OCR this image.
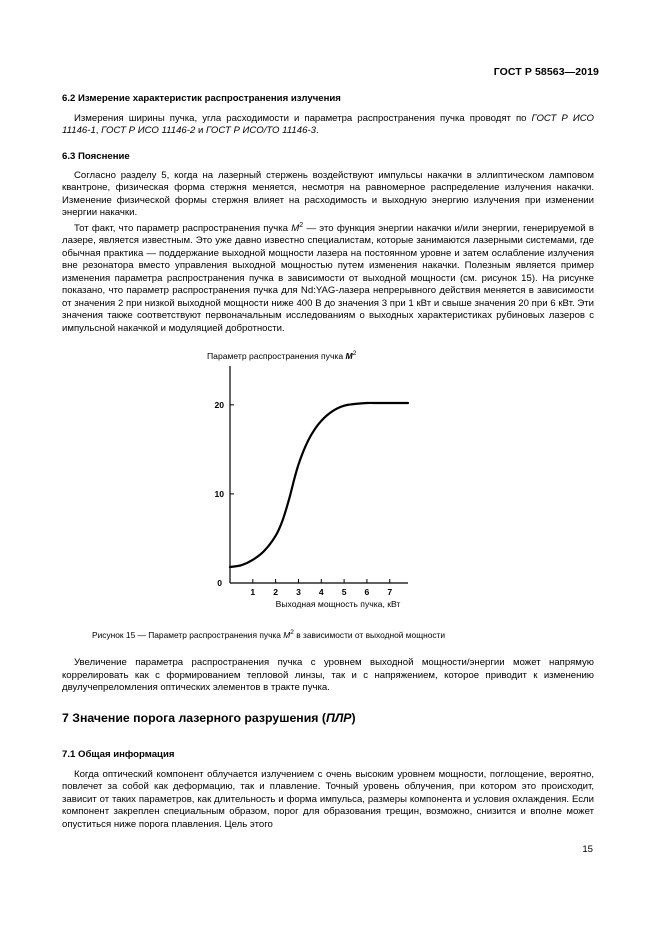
ГОСТ Р 58563—2019
6.2 Измерение характеристик распространения излучения

Измерения ширины пучка, угла расходимости и параметра распространения пучка проводят по ГОСТ Р ИСО 11146-1, ГОСТ Р ИСО 11146-2 и ГОСТ Р ИСО/ТО 11146-3.

6.3 Пояснение

Согласно разделу 5, когда на лазерный стержень воздействуют импульсы накачки в эллиптическом ламповом квантроне, физическая форма стержня меняется, несмотря на равномерное распределение излучения накачки. Изменение физической формы стержня влияет на расходимость и выходную энергию излучения при изменении энергии накачки.

Тот факт, что параметр распространения пучка $M^2$ — это функция энергии накачки и/или энергии, генерируемой в лазере, является известным. Это уже давно известно специалистам, которые занимаются лазерными системами, где обычная практика — поддержание выходной мощности лазера на постоянном уровне и затем ослабление излучения вне резонатора вместо управления выходной мощностью путем изменения накачки. Полезным является пример изменения параметра распространения пучка в зависимости от выходной мощности (см. рисунок 15). На рисунке показано, что параметр распространения пучка для Nd:YAG-лазера непрерывного действия меняется в зависимости от значения 2 при низкой выходной мощности ниже 400 В до значения 3 при 1 кВт и свыше значения 20 при 6 кВт. Эти значения также соответствуют первоначальным исследованиям о выходных характеристиках рубиновых лазеров с импульсной накачкой и модуляцией добротности.

Параметр распространения пучка $M^2$
0
Выходная мощность пучка, кВт
1 2 3 4 5 6 7
10
20
Рисунок 15 — Параметр распространения пучка $M^2$ в зависимости от выходной мощности

Увеличение параметра распространения пучка с уровнем выходной мощности/энергии может напрямую коррелировать как с формированием тепловой линзы, так и с напряжением, которое приводит к изменению двулучепреломления оптических элементов в тракте пучка.

7 Значение порога лазерного разрушения (ПЛР)
7.1 Общая информация

Когда оптический компонент облучается излучением с очень высоким уровнем мощности, поглощение, вероятно, повлечет за собой как деформацию, так и плавление. Точный уровень облучения, при котором это происходит, зависит от таких параметров, как длительность и форма импульса, размеры компонента и условия охлаждения. Если компонент закреплен специальным образом, порог для образования трещин, возможно, снизится и вполне может опуститься ниже порога плавления. Цель этого

15
